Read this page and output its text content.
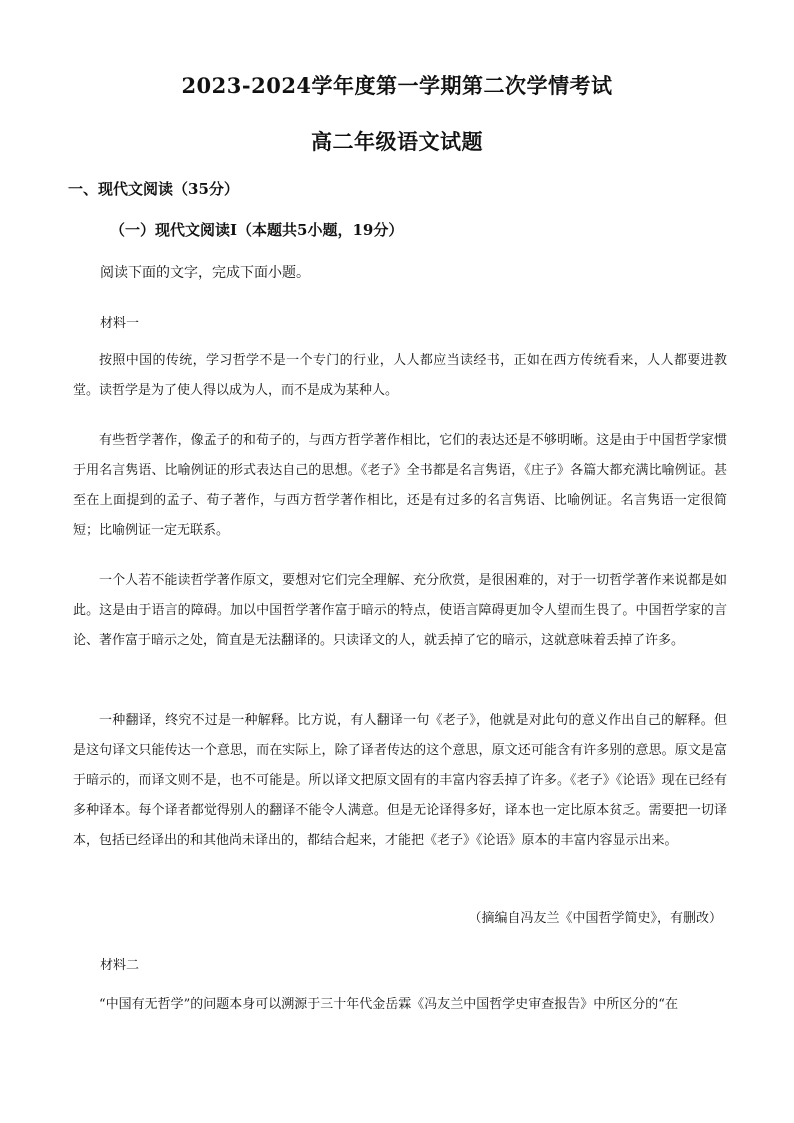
2023-2024学年度第一学期第二次学情考试
高二年级语文试题
一、现代文阅读（35分）
（一）现代文阅读Ⅰ（本题共5小题，19分）
阅读下面的文字，完成下面小题。
材料一
按照中国的传统，学习哲学不是一个专门的行业，人人都应当读经书，正如在西方传统看来，人人都要进教堂。读哲学是为了使人得以成为人，而不是成为某种人。
有些哲学著作，像孟子的和荀子的，与西方哲学著作相比，它们的表达还是不够明晰。这是由于中国哲学家惯于用名言隽语、比喻例证的形式表达自己的思想。《老子》全书都是名言隽语，《庄子》各篇大都充满比喻例证。甚至在上面提到的孟子、荀子著作，与西方哲学著作相比，还是有过多的名言隽语、比喻例证。名言隽语一定很简短；比喻例证一定无联系。
一个人若不能读哲学著作原文，要想对它们完全理解、充分欣赏，是很困难的，对于一切哲学著作来说都是如此。这是由于语言的障碍。加以中国哲学著作富于暗示的特点，使语言障碍更加令人望而生畏了。中国哲学家的言论、著作富于暗示之处，简直是无法翻译的。只读译文的人，就丢掉了它的暗示，这就意味着丢掉了许多。
一种翻译，终究不过是一种解释。比方说，有人翻译一句《老子》，他就是对此句的意义作出自己的解释。但是这句译文只能传达一个意思，而在实际上，除了译者传达的这个意思，原文还可能含有许多别的意思。原文是富于暗示的，而译文则不是，也不可能是。所以译文把原文固有的丰富内容丢掉了许多。《老子》《论语》现在已经有多种译本。每个译者都觉得别人的翻译不能令人满意。但是无论译得多好，译本也一定比原本贫乏。需要把一切译本，包括已经译出的和其他尚未译出的，都结合起来，才能把《老子》《论语》原本的丰富内容显示出来。
（摘编自冯友兰《中国哲学简史》，有删改）
材料二
“中国有无哲学”的问题本身可以溯源于三十年代金岳霖《冯友兰中国哲学史审查报告》中所区分的“在
